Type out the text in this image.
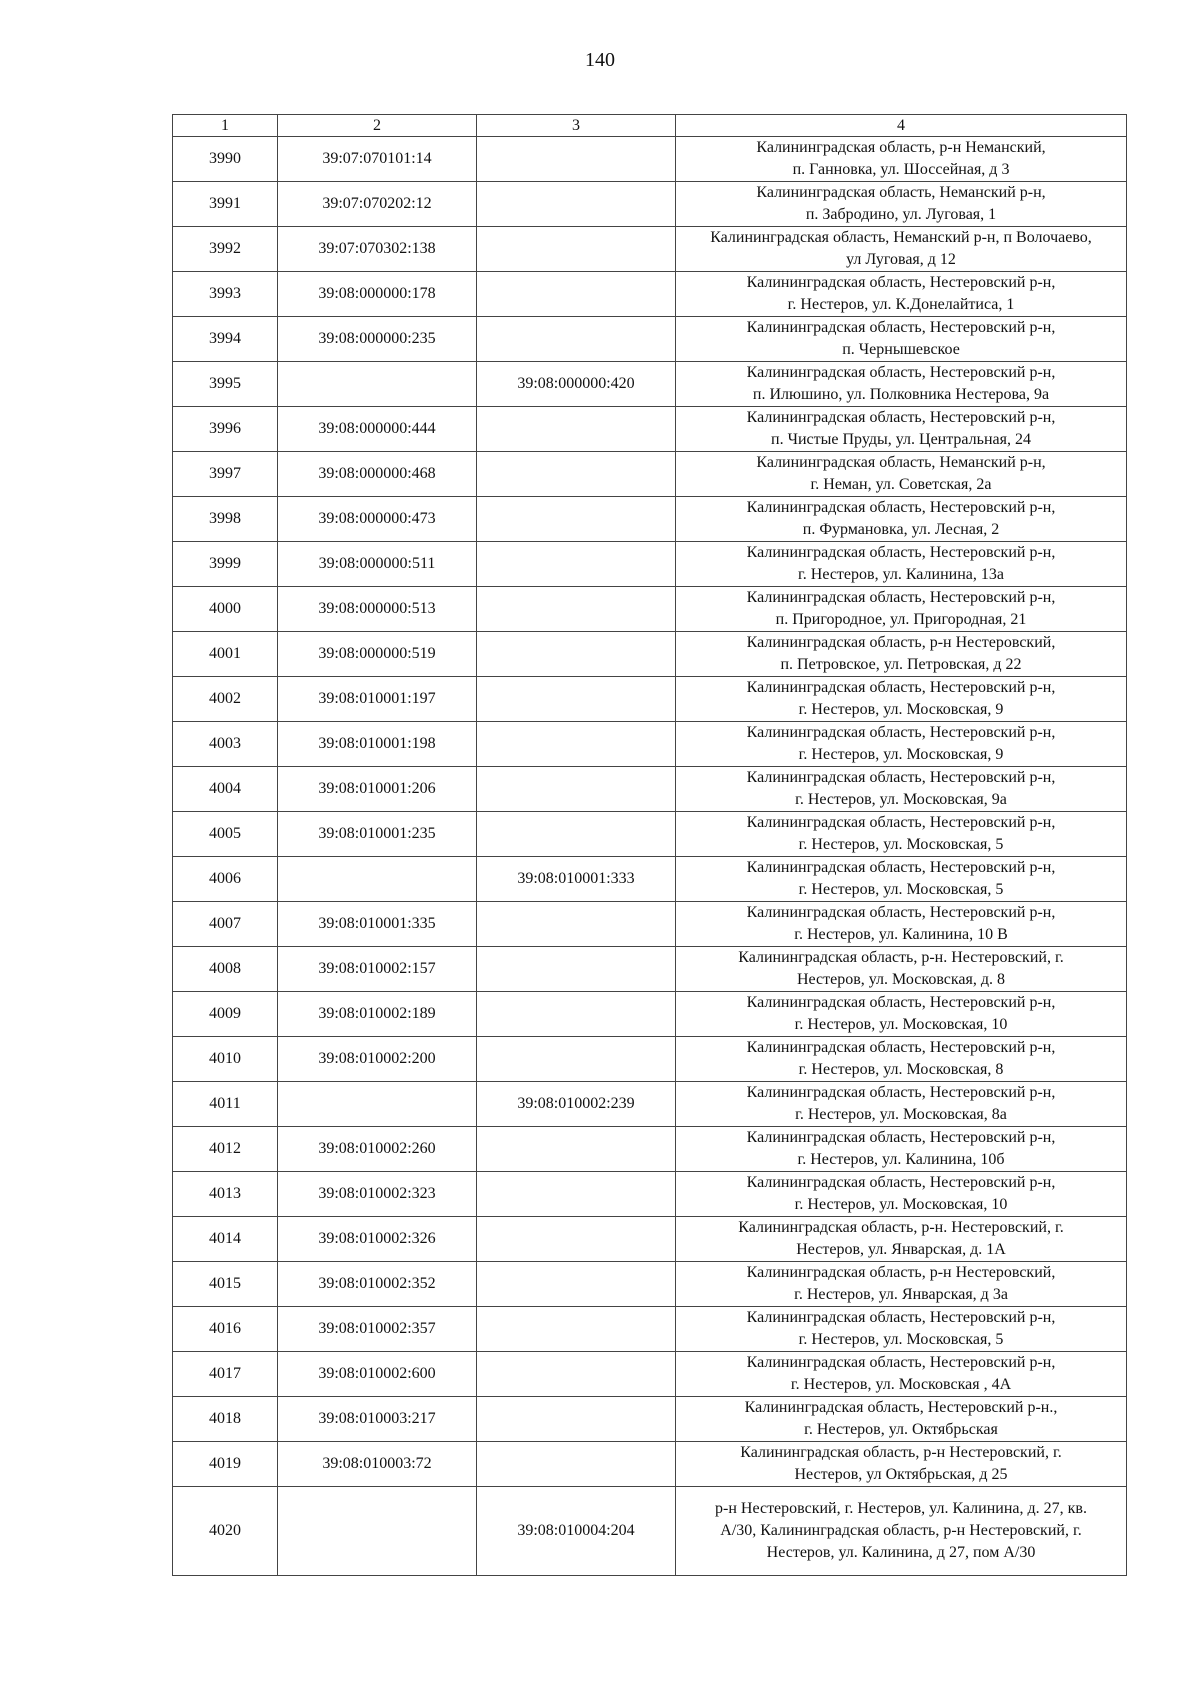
140
1	2	3	4
3990	39:07:070101:14		Калининградская область, р-н Неманский,
п. Ганновка, ул. Шоссейная, д 3
3991	39:07:070202:12		Калининградская область, Неманский р-н,
п. Забродино, ул. Луговая, 1
3992	39:07:070302:138		Калининградская область, Неманский р-н, п Волочаево,
ул Луговая, д 12
3993	39:08:000000:178		Калининградская область, Нестеровский р-н,
г. Нестеров, ул. К.Донелайтиса, 1
3994	39:08:000000:235		Калининградская область, Нестеровский р-н,
п. Чернышевское
3995		39:08:000000:420	Калининградская область, Нестеровский р-н,
п. Илюшино, ул. Полковника Нестерова, 9а
3996	39:08:000000:444		Калининградская область, Нестеровский р-н,
п. Чистые Пруды, ул. Центральная, 24
3997	39:08:000000:468		Калининградская область, Неманский р-н,
г. Неман, ул. Советская, 2а
3998	39:08:000000:473		Калининградская область, Нестеровский р-н,
п. Фурмановка, ул. Лесная, 2
3999	39:08:000000:511		Калининградская область, Нестеровский р-н,
г. Нестеров, ул. Калинина, 13а
4000	39:08:000000:513		Калининградская область, Нестеровский р-н,
п. Пригородное, ул. Пригородная, 21
4001	39:08:000000:519		Калининградская область, р-н Нестеровский,
п. Петровское, ул. Петровская, д 22
4002	39:08:010001:197		Калининградская область, Нестеровский р-н,
г. Нестеров, ул. Московская, 9
4003	39:08:010001:198		Калининградская область, Нестеровский р-н,
г. Нестеров, ул. Московская, 9
4004	39:08:010001:206		Калининградская область, Нестеровский р-н,
г. Нестеров, ул. Московская, 9а
4005	39:08:010001:235		Калининградская область, Нестеровский р-н,
г. Нестеров, ул. Московская, 5
4006		39:08:010001:333	Калининградская область, Нестеровский р-н,
г. Нестеров, ул. Московская, 5
4007	39:08:010001:335		Калининградская область, Нестеровский р-н,
г. Нестеров, ул. Калинина, 10 В
4008	39:08:010002:157		Калининградская область, р-н. Нестеровский, г.
Нестеров, ул. Московская, д. 8
4009	39:08:010002:189		Калининградская область, Нестеровский р-н,
г. Нестеров, ул. Московская, 10
4010	39:08:010002:200		Калининградская область, Нестеровский р-н,
г. Нестеров, ул. Московская, 8
4011		39:08:010002:239	Калининградская область, Нестеровский р-н,
г. Нестеров, ул. Московская, 8а
4012	39:08:010002:260		Калининградская область, Нестеровский р-н,
г. Нестеров, ул. Калинина, 10б
4013	39:08:010002:323		Калининградская область, Нестеровский р-н,
г. Нестеров, ул. Московская, 10
4014	39:08:010002:326		Калининградская область, р-н. Нестеровский, г.
Нестеров, ул. Январская, д. 1А
4015	39:08:010002:352		Калининградская область, р-н Нестеровский,
г. Нестеров, ул. Январская, д 3а
4016	39:08:010002:357		Калининградская область, Нестеровский р-н,
г. Нестеров, ул. Московская, 5
4017	39:08:010002:600		Калининградская область, Нестеровский р-н,
г. Нестеров, ул. Московская , 4А
4018	39:08:010003:217		Калининградская область, Нестеровский р-н.,
г. Нестеров, ул. Октябрьская
4019	39:08:010003:72		Калининградская область, р-н Нестеровский, г.
Нестеров, ул Октябрьская, д 25
4020		39:08:010004:204	р-н Нестеровский, г. Нестеров, ул. Калинина, д. 27, кв.
А/30, Калининградская область, р-н Нестеровский, г.
Нестеров, ул. Калинина, д 27, пом А/30
